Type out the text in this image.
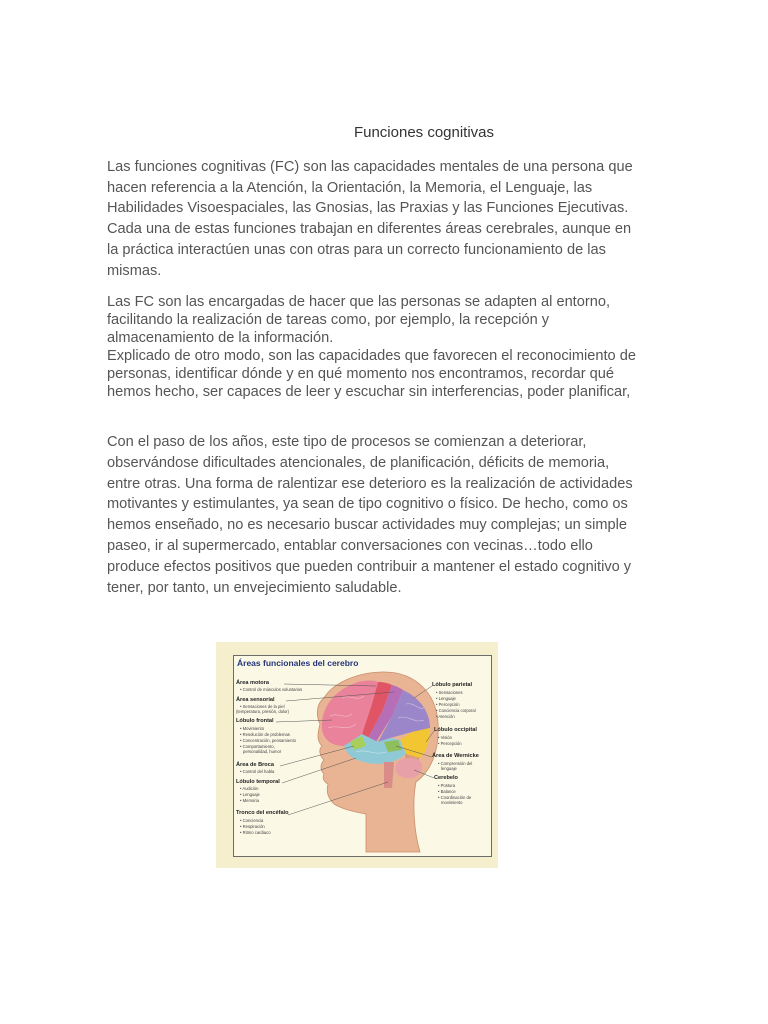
Funciones cognitivas

Las funciones cognitivas (FC) son las capacidades mentales de una persona que
hacen referencia a la Atención, la Orientación, la Memoria, el Lenguaje, las
Habilidades Visoespaciales, las Gnosias, las Praxias y las Funciones Ejecutivas.
Cada una de estas funciones trabajan en diferentes áreas cerebrales, aunque en
la práctica interactúen unas con otras para un correcto funcionamiento de las
mismas.

Las FC son las encargadas de hacer que las personas se adapten al entorno,
facilitando la realización de tareas como, por ejemplo, la recepción y
almacenamiento de la información.
Explicado de otro modo, son las capacidades que favorecen el reconocimiento de
personas, identificar dónde y en qué momento nos encontramos, recordar qué
hemos hecho, ser capaces de leer y escuchar sin interferencias, poder planificar,

Con el paso de los años, este tipo de procesos se comienzan a deteriorar,
observándose dificultades atencionales, de planificación, déficits de memoria,
entre otras. Una forma de ralentizar ese deterioro es la realización de actividades
motivantes y estimulantes, ya sean de tipo cognitivo o físico. De hecho, como os
hemos enseñado, no es necesario buscar actividades muy complejas; un simple
paseo, ir al supermercado, entablar conversaciones con vecinas…todo ello
produce efectos positivos que pueden contribuir a mantener el estado cognitivo y
tener, por tanto, un envejecimiento saludable.

Áreas funcionales del cerebro
Área motora
• Control de músculos voluntarios
Área sensorial
• Sensaciones de la piel
(temperatura, presión, dolor)
Lóbulo frontal
• Movimiento
• Resolución de problemas
• Concentración, pensamiento
• Comportamiento,
personalidad, humor
Área de Broca
• Control del habla
Lóbulo temporal
• Audición
• Lenguaje
• Memoria
Tronco del encéfalo
• Conciencia
• Respiración
• Ritmo cardiaco
Lóbulo parietal
• Sensaciones
• Lenguaje
• Percepción
• Conciencia corporal
• Atención
Lóbulo occipital
• Visión
• Percepción
Área de Wernicke
• Comprensión del
lenguaje
Cerebelo
• Postura
• Balance
• Coordinación de
movimiento
